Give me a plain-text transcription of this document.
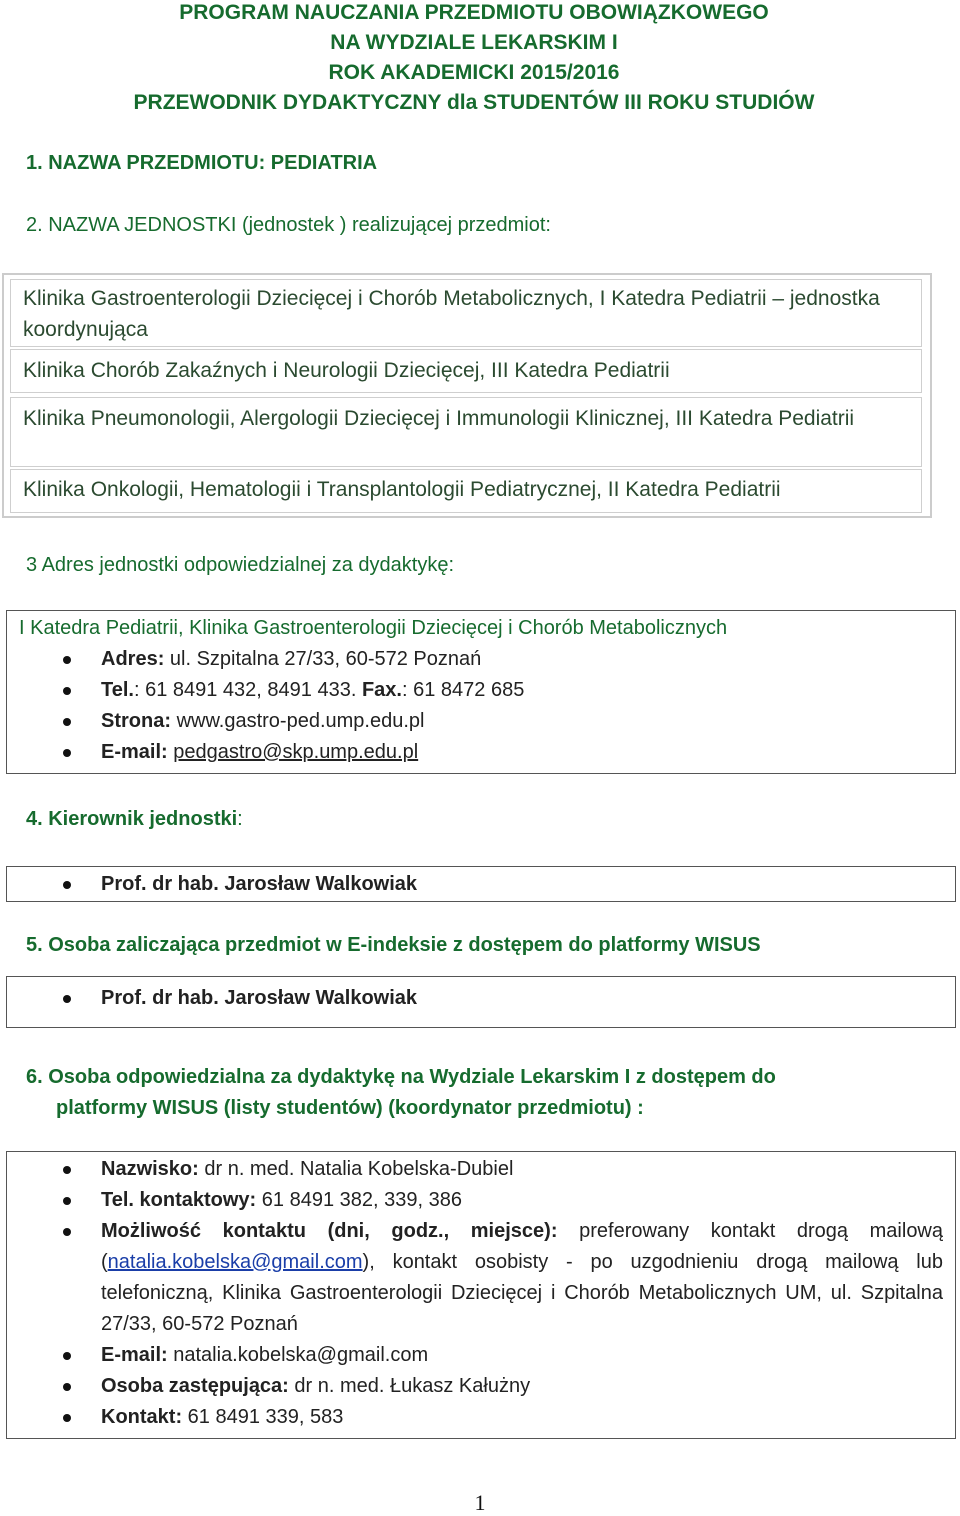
PROGRAM NAUCZANIA PRZEDMIOTU OBOWIĄZKOWEGO
NA WYDZIALE LEKARSKIM I
ROK AKADEMICKI 2015/2016
PRZEWODNIK DYDAKTYCZNY dla STUDENTÓW III ROKU STUDIÓW
1. NAZWA PRZEDMIOTU: PEDIATRIA
2. NAZWA JEDNOSTKI (jednostek ) realizującej przedmiot:
Klinika Gastroenterologii Dziecięcej i Chorób Metabolicznych, I Katedra Pediatrii – jednostka koordynująca
Klinika Chorób Zakaźnych i Neurologii Dziecięcej, III Katedra Pediatrii
Klinika Pneumonologii, Alergologii Dziecięcej i Immunologii Klinicznej, III Katedra Pediatrii
Klinika Onkologii, Hematologii i Transplantologii Pediatrycznej, II Katedra Pediatrii
3 Adres jednostki odpowiedzialnej za dydaktykę:
I Katedra Pediatrii, Klinika Gastroenterologii Dziecięcej i Chorób Metabolicznych
Adres: ul. Szpitalna 27/33, 60-572 Poznań
Tel.: 61 8491 432, 8491 433. Fax.: 61 8472 685
Strona: www.gastro-ped.ump.edu.pl
E-mail: pedgastro@skp.ump.edu.pl
4. Kierownik jednostki:
Prof. dr hab. Jarosław Walkowiak
5. Osoba zaliczająca przedmiot w E-indeksie z dostępem do platformy WISUS
Prof. dr hab. Jarosław Walkowiak
6. Osoba odpowiedzialna za dydaktykę na Wydziale Lekarskim I z dostępem do
platformy WISUS (listy studentów) (koordynator przedmiotu) :
Nazwisko: dr n. med. Natalia Kobelska-Dubiel
Tel. kontaktowy: 61 8491 382, 339, 386
Możliwość kontaktu (dni, godz., miejsce): preferowany kontakt drogą mailową (natalia.kobelska@gmail.com), kontakt osobisty - po uzgodnieniu drogą mailową lub telefoniczną, Klinika Gastroenterologii Dziecięcej i Chorób Metabolicznych UM, ul. Szpitalna 27/33, 60-572 Poznań
E-mail: natalia.kobelska@gmail.com
Osoba zastępująca: dr n. med. Łukasz Kałużny
Kontakt: 61 8491 339, 583
1
